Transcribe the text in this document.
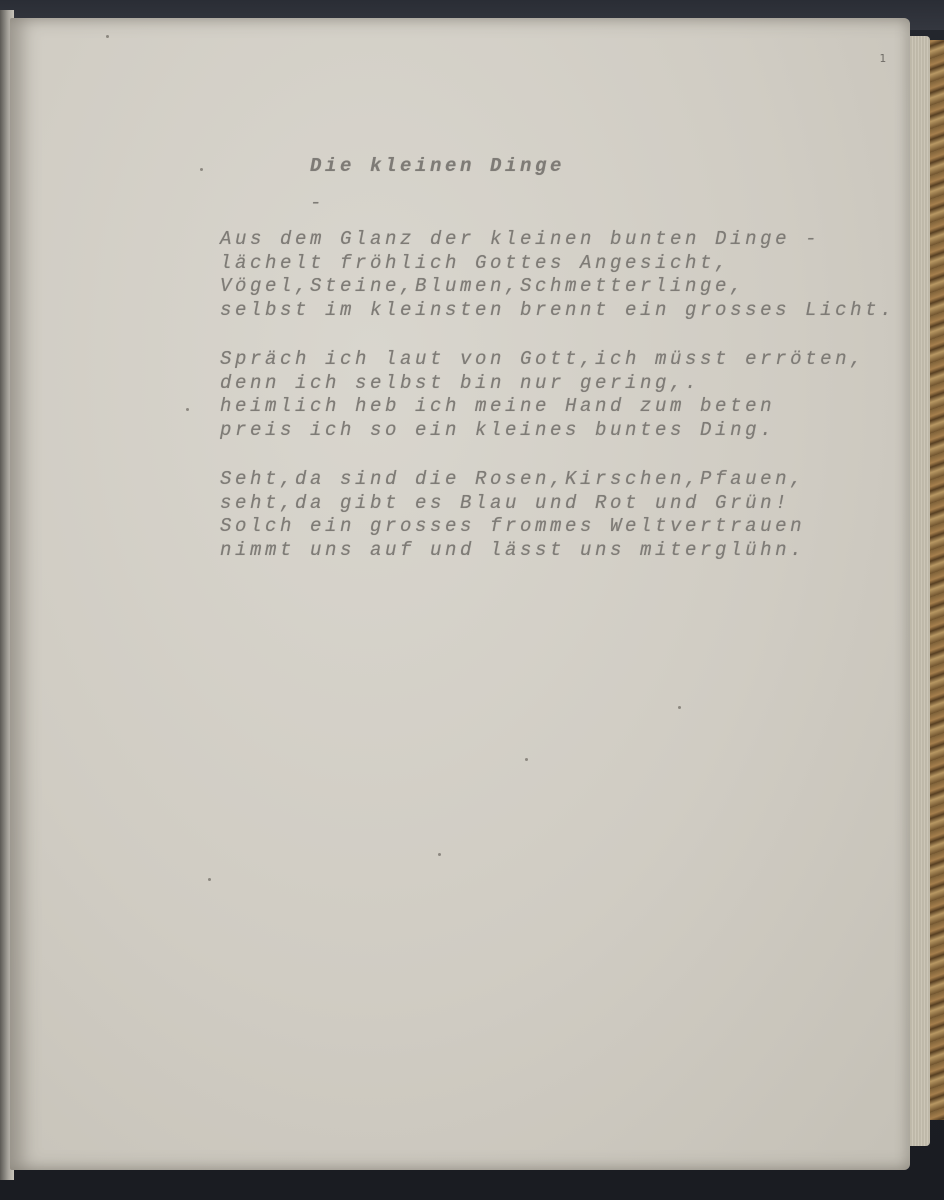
1

Die kleinen Dinge

-

Aus dem Glanz der kleinen bunten Dinge -
lächelt fröhlich Gottes Angesicht,
Vögel,Steine,Blumen,Schmetterlinge,
selbst im kleinsten brennt ein grosses Licht.

Spräch ich laut von Gott,ich müsst erröten,
denn ich selbst bin nur gering,.
heimlich heb ich meine Hand zum beten
preis ich so ein kleines buntes Ding.

Seht,da sind die Rosen,Kirschen,Pfauen,
seht,da gibt es Blau und Rot und Grün!
Solch ein grosses frommes Weltvertrauen
nimmt uns auf und lässt uns miterglühn.
